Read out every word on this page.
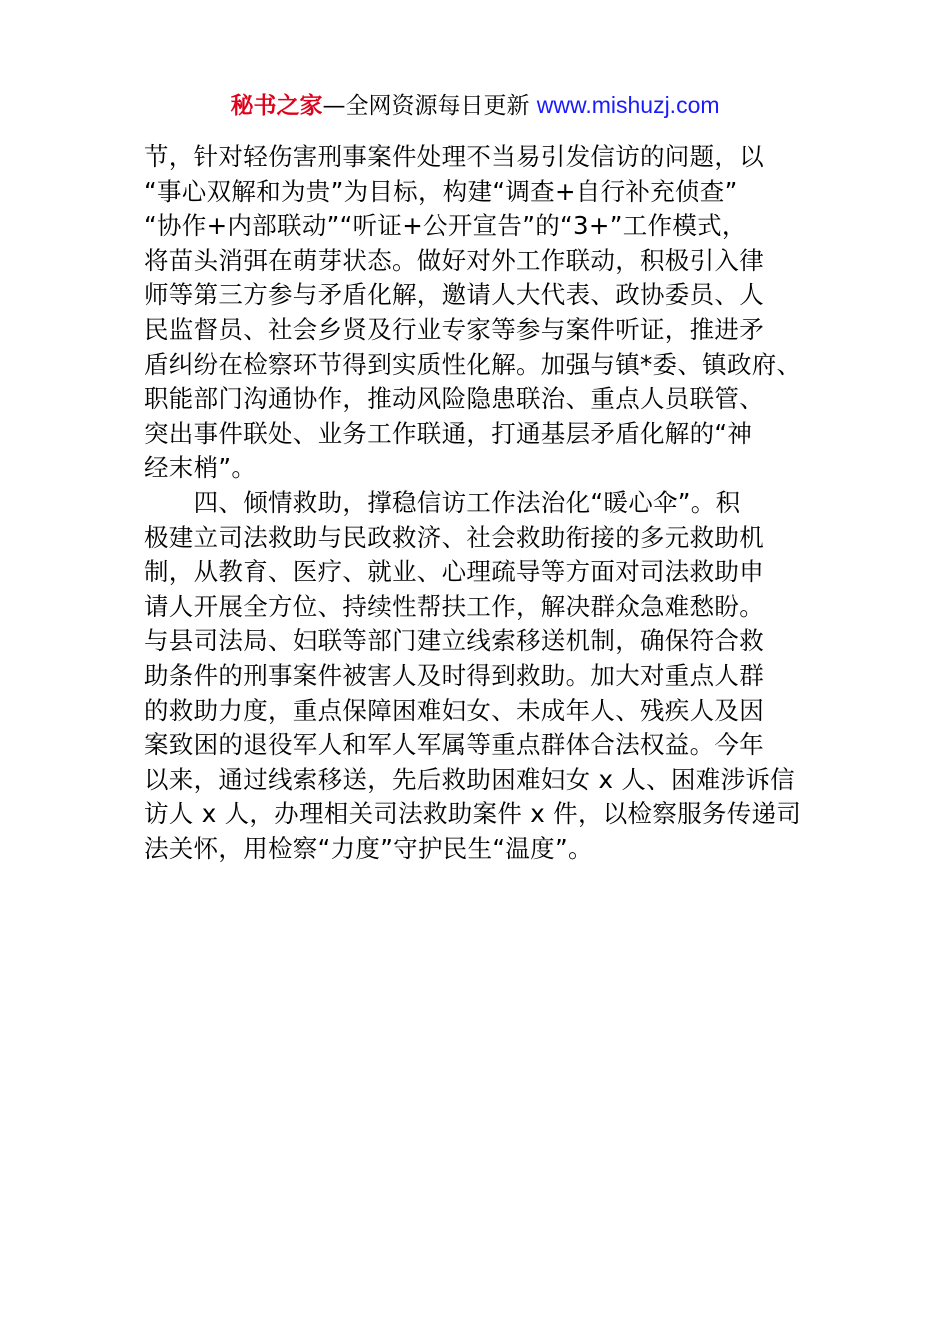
秘书之家—全网资源每日更新 www.mishuzj.com
节，针对轻伤害刑事案件处理不当易引发信访的问题，以
“事心双解和为贵”为目标，构建“调查+自行补充侦查”
“协作+内部联动”“听证+公开宣告”的“3+”工作模式，
将苗头消弭在萌芽状态。做好对外工作联动，积极引入律
师等第三方参与矛盾化解，邀请人大代表、政协委员、人
民监督员、社会乡贤及行业专家等参与案件听证，推进矛
盾纠纷在检察环节得到实质性化解。加强与镇*委、镇政府、
职能部门沟通协作，推动风险隐患联治、重点人员联管、
突出事件联处、业务工作联通，打通基层矛盾化解的“神
经末梢”。
　　四、倾情救助，撑稳信访工作法治化“暖心伞”。积
极建立司法救助与民政救济、社会救助衔接的多元救助机
制，从教育、医疗、就业、心理疏导等方面对司法救助申
请人开展全方位、持续性帮扶工作，解决群众急难愁盼。
与县司法局、妇联等部门建立线索移送机制，确保符合救
助条件的刑事案件被害人及时得到救助。加大对重点人群
的救助力度，重点保障困难妇女、未成年人、残疾人及因
案致困的退役军人和军人军属等重点群体合法权益。今年
以来，通过线索移送，先后救助困难妇女 x 人、困难涉诉信
访人 x 人，办理相关司法救助案件 x 件，以检察服务传递司
法关怀，用检察“力度”守护民生“温度”。
